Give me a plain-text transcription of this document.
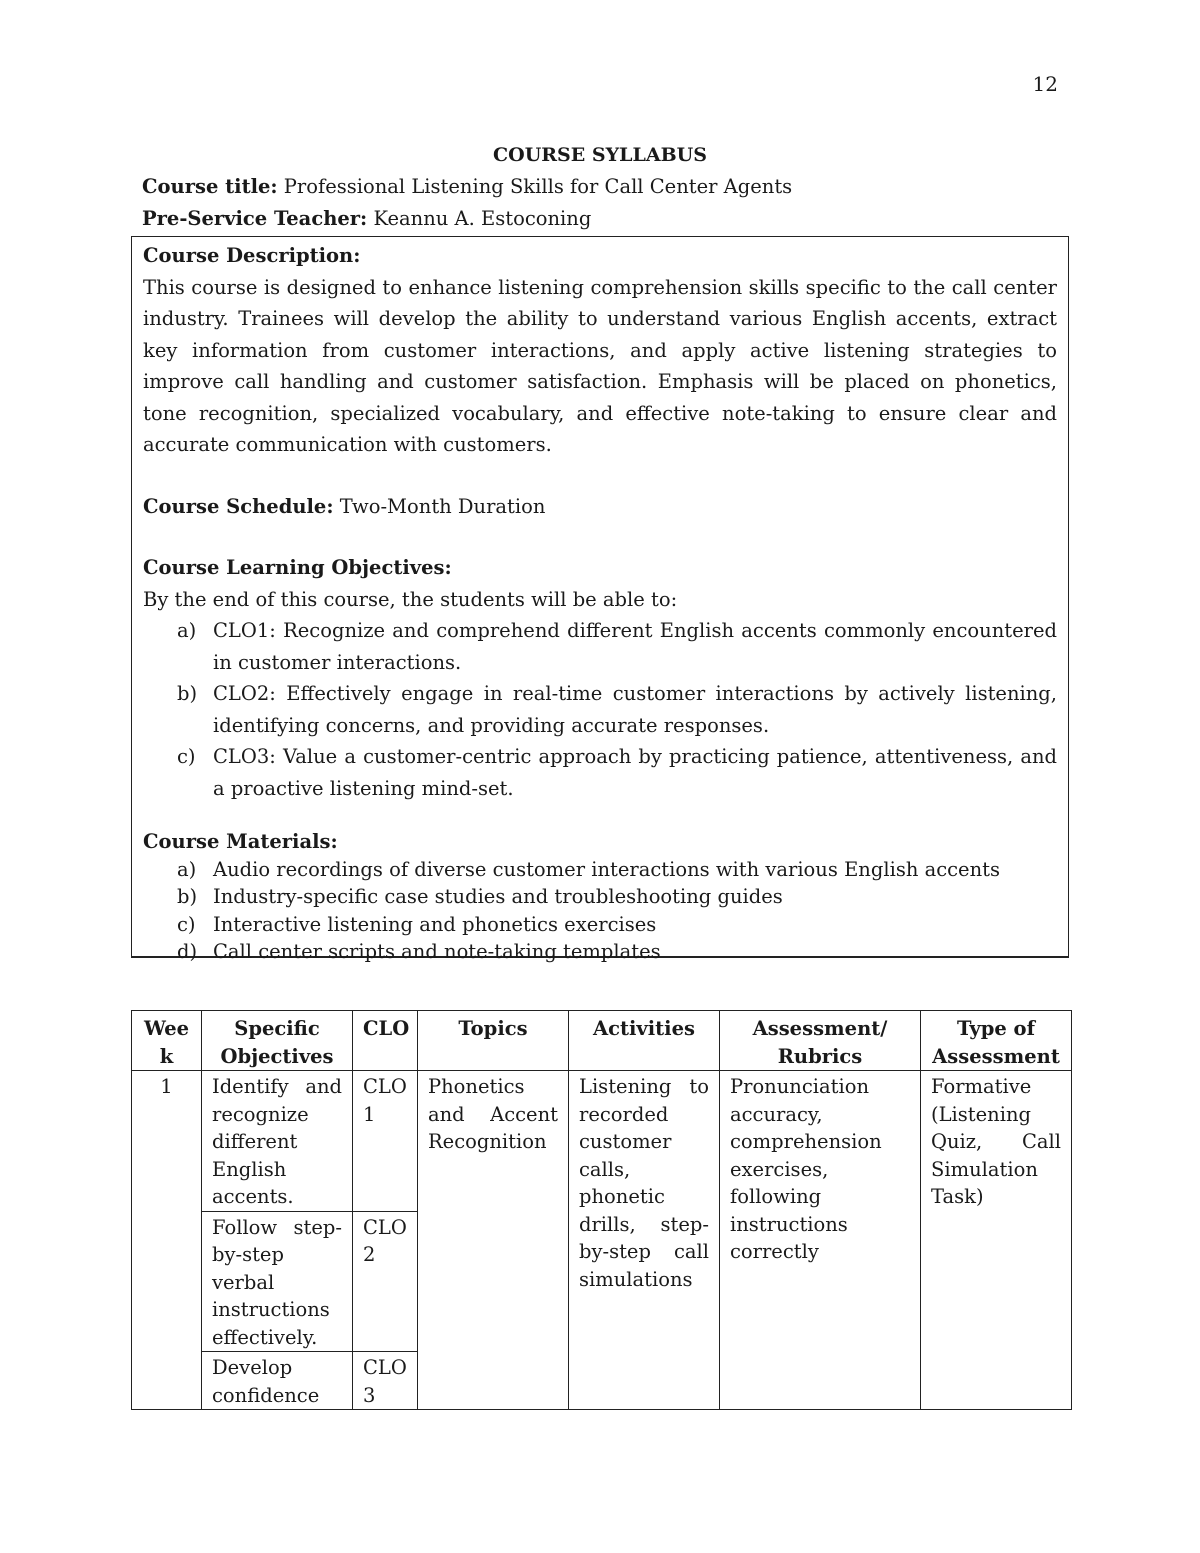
12
COURSE SYLLABUS
Course title: Professional Listening Skills for Call Center Agents
Pre-Service Teacher: Keannu A. Estoconing
Course Description:
This course is designed to enhance listening comprehension skills specific to the call center industry. Trainees will develop the ability to understand various English accents, extract key information from customer interactions, and apply active listening strategies to improve call handling and customer satisfaction. Emphasis will be placed on phonetics, tone recognition, specialized vocabulary, and effective note-taking to ensure clear and accurate communication with customers.
Course Schedule: Two-Month Duration
Course Learning Objectives:
By the end of this course, the students will be able to:
a) CLO1: Recognize and comprehend different English accents commonly encountered in customer interactions.
b) CLO2: Effectively engage in real-time customer interactions by actively listening, identifying concerns, and providing accurate responses.
c) CLO3: Value a customer-centric approach by practicing patience, attentiveness, and a proactive listening mind-set.
Course Materials:
a) Audio recordings of diverse customer interactions with various English accents
b) Industry-specific case studies and troubleshooting guides
c) Interactive listening and phonetics exercises
d) Call center scripts and note-taking templates
Week	Specific Objectives	CLO	Topics	Activities	Assessment/ Rubrics	Type of Assessment
1	Identify and recognize different English accents.	CLO 1	Phonetics and Accent Recognition	Listening to recorded customer calls, phonetic drills, step-by-step call simulations	Pronunciation accuracy, comprehension exercises, following instructions correctly	Formative (Listening Quiz, Call Simulation Task)
	Follow step-by-step verbal instructions effectively.	CLO 2				
	Develop confidence	CLO 3				
